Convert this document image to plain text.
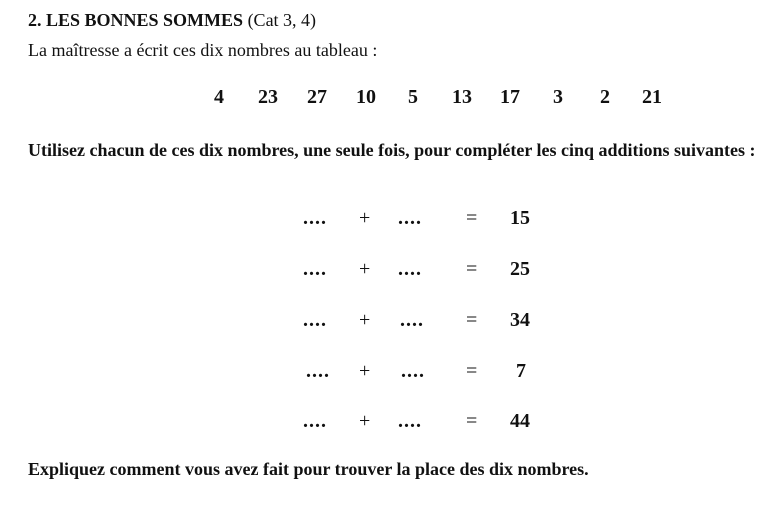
2. LES BONNES SOMMES (Cat 3, 4)
La maîtresse a écrit ces dix nombres au tableau :
4	23	27	10	5	13	17	3	2	21
Utilisez chacun de ces dix nombres, une seule fois, pour compléter les cinq additions suivantes :
.... + .... = 15
.... + .... = 25
.... + .... = 34
.... + .... = 7
.... + .... = 44
Expliquez comment vous avez fait pour trouver la place des dix nombres.
